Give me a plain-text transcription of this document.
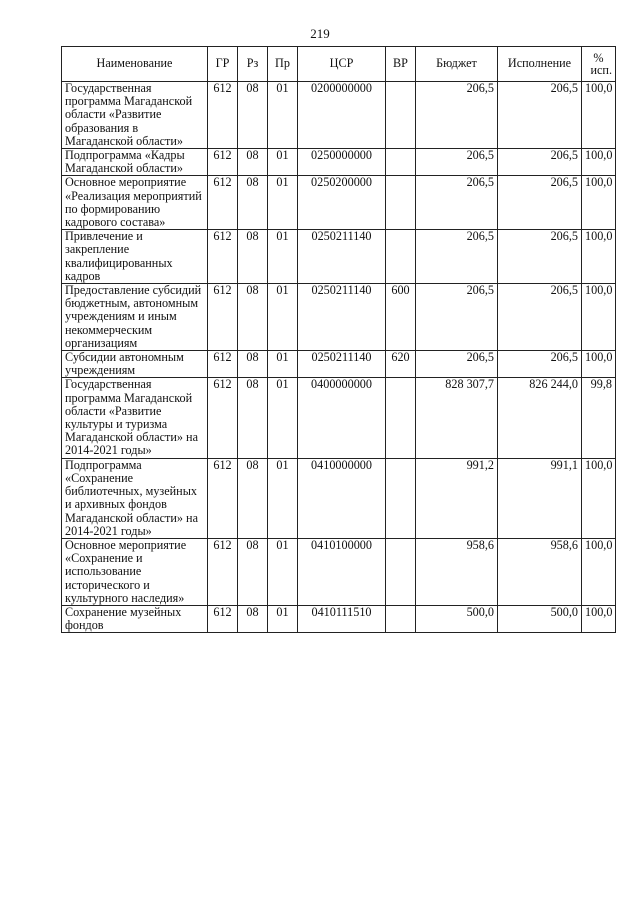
219
Наименование	ГР	Рз	Пр	ЦСР	ВР	Бюджет	Исполнение	%
исп.

Государственная программа Магаданской области «Развитие образования в Магаданской области»	612	08	01	0200000000		206,5	206,5	100,0
Подпрограмма «Кадры Магаданской области»	612	08	01	0250000000		206,5	206,5	100,0
Основное мероприятие «Реализация мероприятий по формированию кадрового состава»	612	08	01	0250200000		206,5	206,5	100,0
Привлечение и закрепление квалифицированных кадров	612	08	01	0250211140		206,5	206,5	100,0
Предоставление субсидий бюджетным, автономным учреждениям и иным некоммерческим организациям	612	08	01	0250211140	600	206,5	206,5	100,0
Субсидии автономным учреждениям	612	08	01	0250211140	620	206,5	206,5	100,0
Государственная программа Магаданской области «Развитие культуры и туризма Магаданской области» на 2014-2021 годы»	612	08	01	0400000000		828 307,7	826 244,0	99,8
Подпрограмма «Сохранение библиотечных, музейных и архивных фондов Магаданской области» на 2014-2021 годы»	612	08	01	0410000000		991,2	991,1	100,0
Основное мероприятие «Сохранение и использование исторического и культурного наследия»	612	08	01	0410100000		958,6	958,6	100,0
Сохранение музейных фондов	612	08	01	0410111510		500,0	500,0	100,0
